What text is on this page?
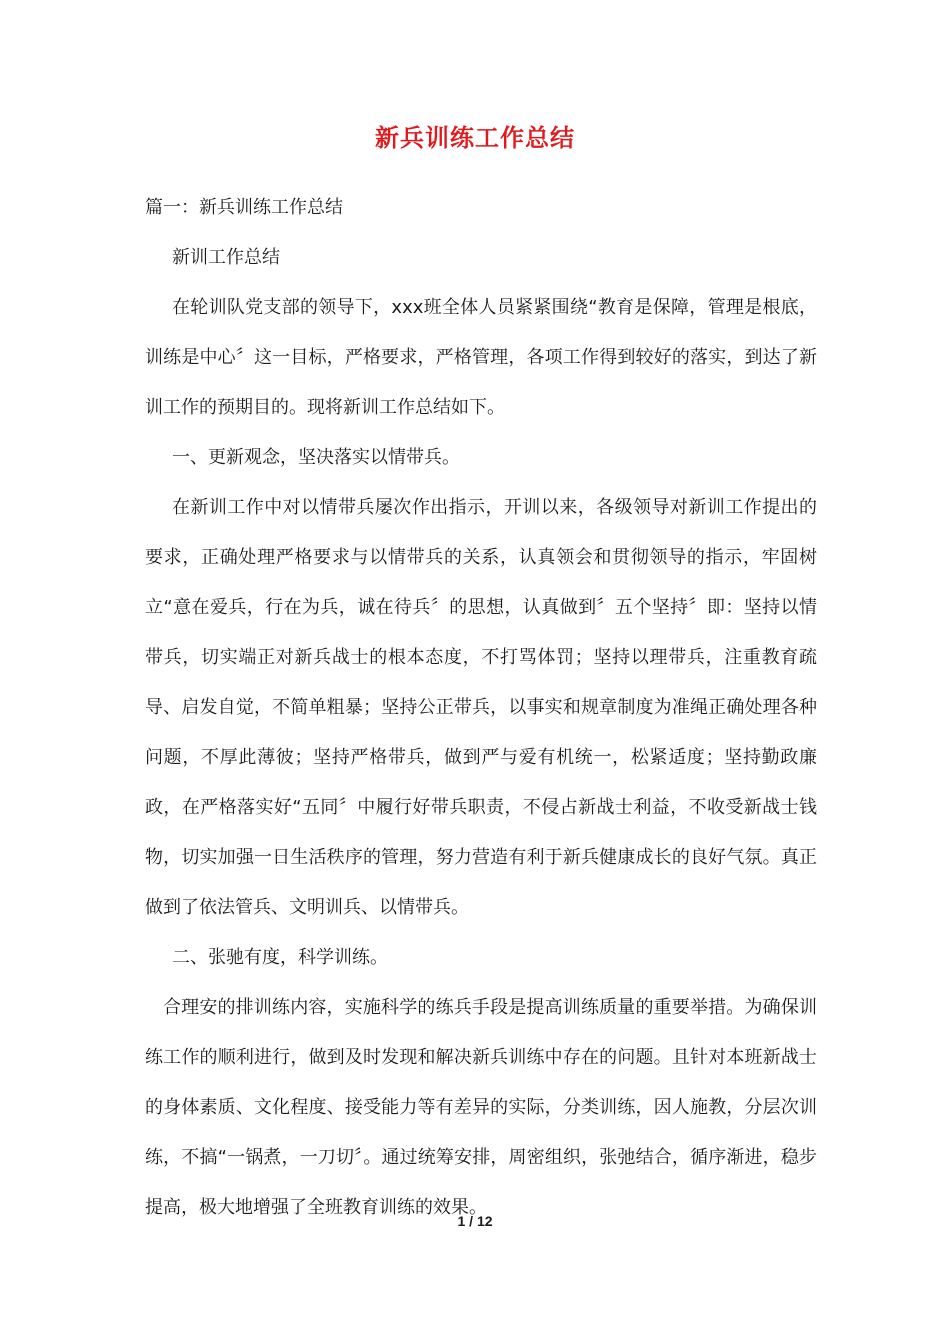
新兵训练工作总结

篇一：新兵训练工作总结

新训工作总结

在轮训队党支部的领导下，xxx班全体人员紧紧围绕“教育是保障，管理是根底，训练是中心〞这一目标，严格要求，严格管理，各项工作得到较好的落实，到达了新训工作的预期目的。现将新训工作总结如下。

一、更新观念，坚决落实以情带兵。

在新训工作中对以情带兵屡次作出指示，开训以来，各级领导对新训工作提出的要求，正确处理严格要求与以情带兵的关系，认真领会和贯彻领导的指示，牢固树立“意在爱兵，行在为兵，诚在待兵〞的思想，认真做到〞五个坚持〞即：坚持以情带兵，切实端正对新兵战士的根本态度，不打骂体罚；坚持以理带兵，注重教育疏导、启发自觉，不简单粗暴；坚持公正带兵，以事实和规章制度为准绳正确处理各种问题，不厚此薄彼；坚持严格带兵，做到严与爱有机统一，松紧适度；坚持勤政廉政，在严格落实好“五同〞中履行好带兵职责，不侵占新战士利益，不收受新战士钱物，切实加强一日生活秩序的管理，努力营造有利于新兵健康成长的良好气氛。真正做到了依法管兵、文明训兵、以情带兵。

二、张驰有度，科学训练。

合理安的排训练内容，实施科学的练兵手段是提高训练质量的重要举措。为确保训练工作的顺利进行，做到及时发现和解决新兵训练中存在的问题。且针对本班新战士的身体素质、文化程度、接受能力等有差异的实际，分类训练，因人施教，分层次训练，不搞“一锅煮，一刀切〞。通过统筹安排，周密组织，张弛结合，循序渐进，稳步提高，极大地增强了全班教育训练的效果。

1 / 12
